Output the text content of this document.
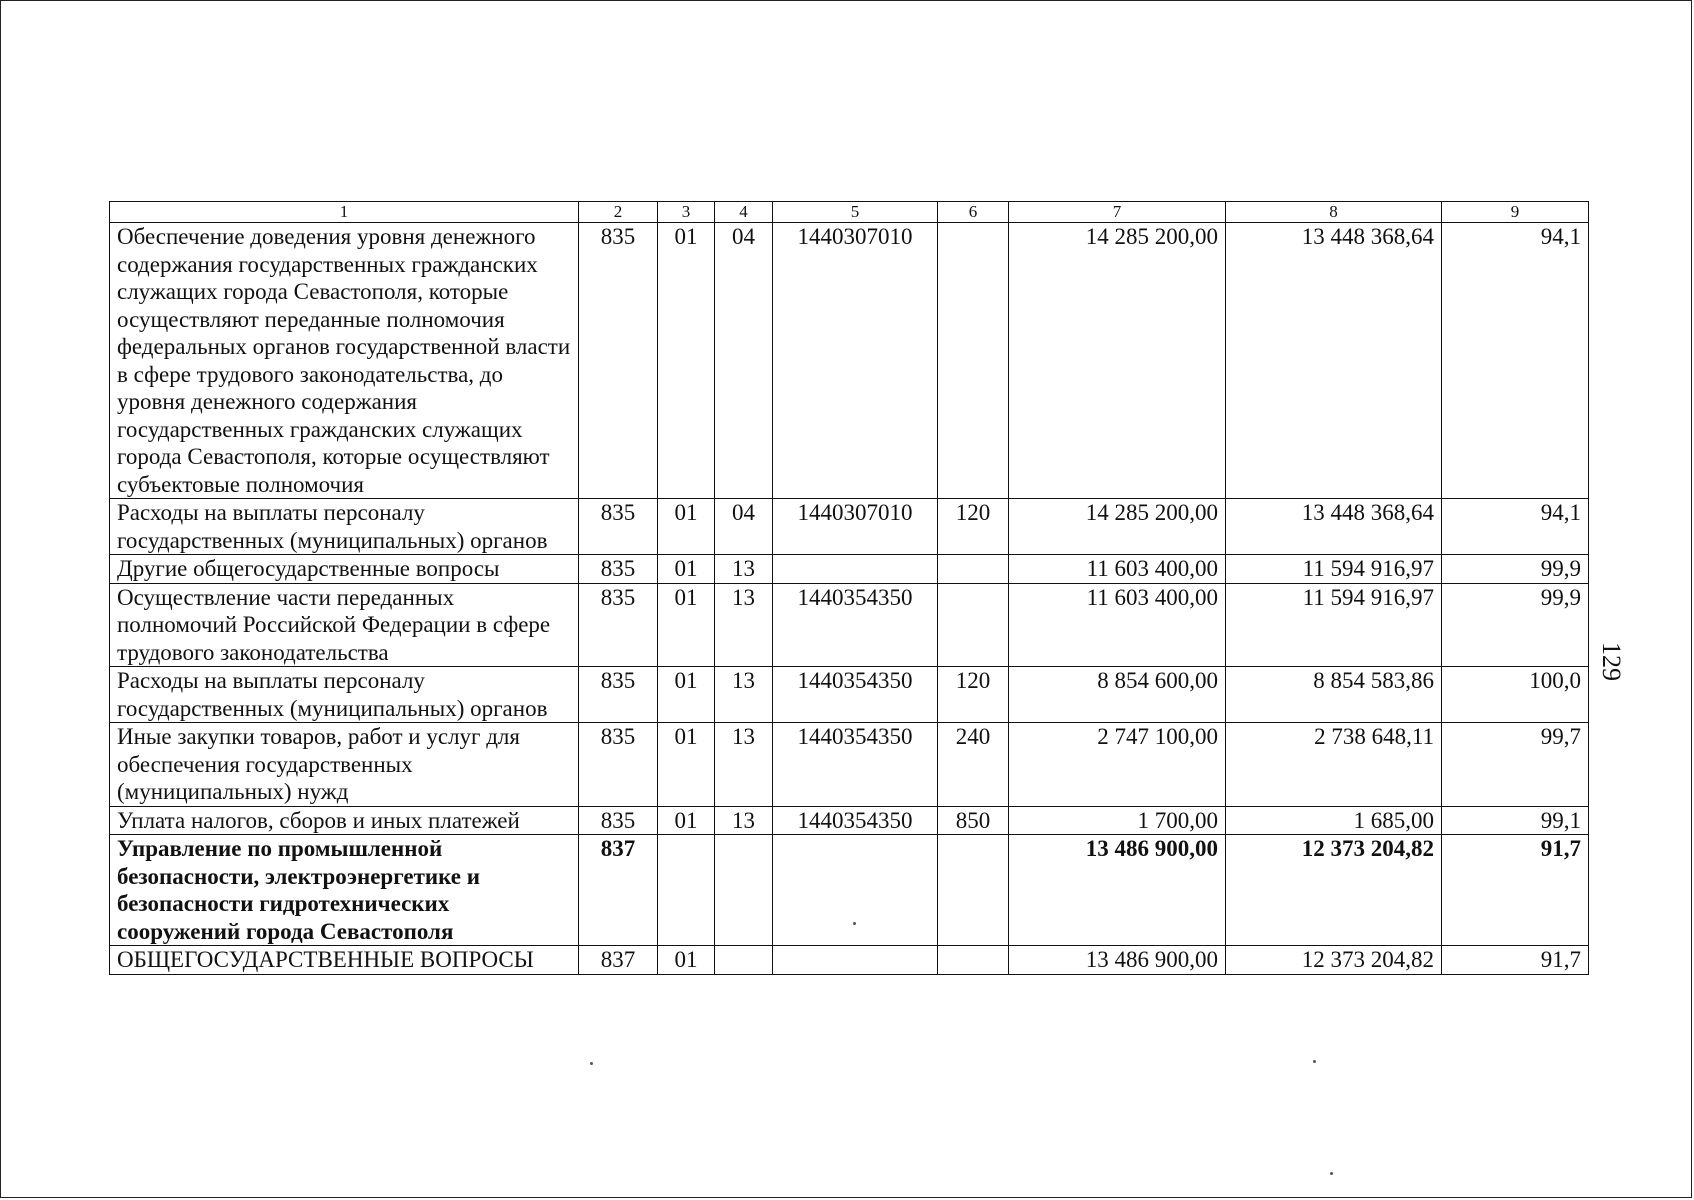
1	2	3	4	5	6	7	8	9
Обеспечение доведения уровня денежного содержания государственных гражданских служащих города Севастополя, которые осуществляют переданные полномочия федеральных органов государственной власти в сфере трудового законодательства, до уровня денежного содержания государственных гражданских служащих города Севастополя, которые осуществляют субъектовые полномочия	835	01	04	1440307010		14 285 200,00	13 448 368,64	94,1
Расходы на выплаты персоналу государственных (муниципальных) органов	835	01	04	1440307010	120	14 285 200,00	13 448 368,64	94,1
Другие общегосударственные вопросы	835	01	13			11 603 400,00	11 594 916,97	99,9
Осуществление части переданных полномочий Российской Федерации в сфере трудового законодательства	835	01	13	1440354350		11 603 400,00	11 594 916,97	99,9
Расходы на выплаты персоналу государственных (муниципальных) органов	835	01	13	1440354350	120	8 854 600,00	8 854 583,86	100,0
Иные закупки товаров, работ и услуг для обеспечения государственных (муниципальных) нужд	835	01	13	1440354350	240	2 747 100,00	2 738 648,11	99,7
Уплата налогов, сборов и иных платежей	835	01	13	1440354350	850	1 700,00	1 685,00	99,1
Управление по промышленной безопасности, электроэнергетике и безопасности гидротехнических сооружений города Севастополя	837					13 486 900,00	12 373 204,82	91,7
ОБЩЕГОСУДАРСТВЕННЫЕ ВОПРОСЫ	837	01				13 486 900,00	12 373 204,82	91,7
129
